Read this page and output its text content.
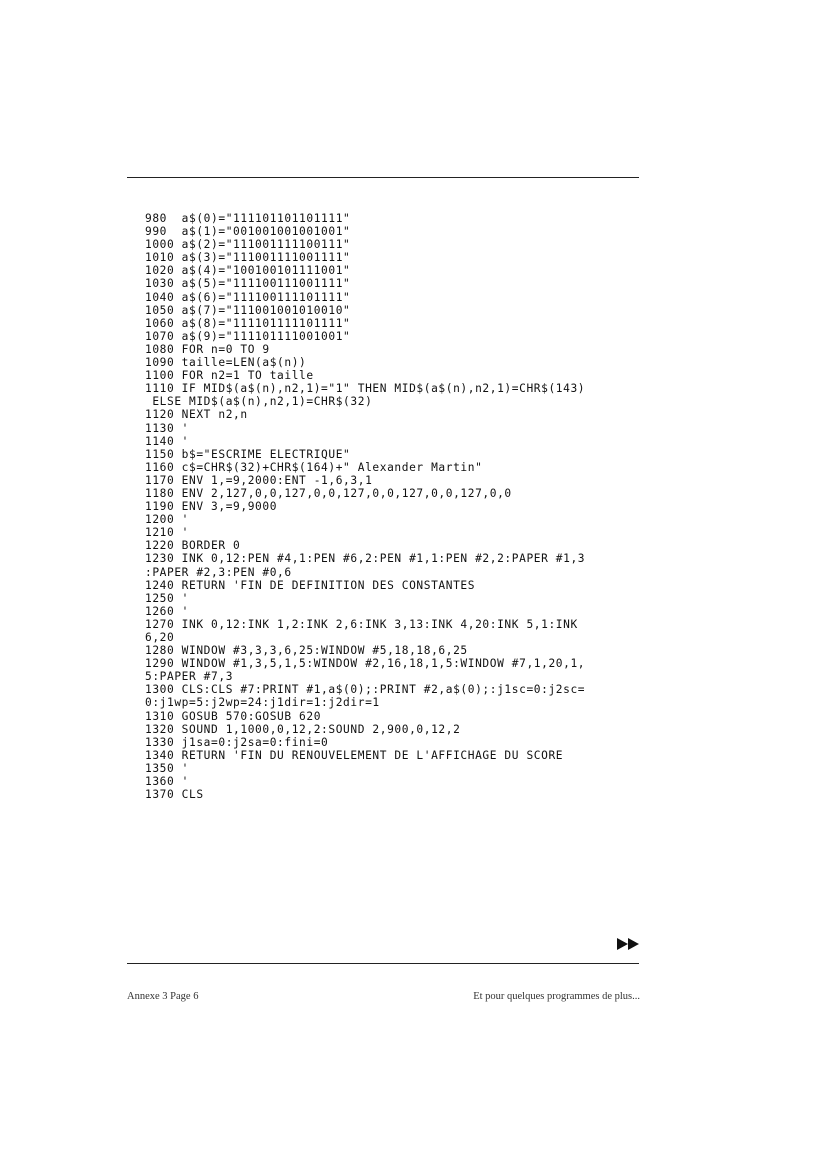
980  a$(0)="111101101101111"
990  a$(1)="001001001001001"
1000 a$(2)="111001111100111"
1010 a$(3)="111001111001111"
1020 a$(4)="100100101111001"
1030 a$(5)="111100111001111"
1040 a$(6)="111100111101111"
1050 a$(7)="111001001010010"
1060 a$(8)="111101111101111"
1070 a$(9)="111101111001001"
1080 FOR n=0 TO 9
1090 taille=LEN(a$(n))
1100 FOR n2=1 TO taille
1110 IF MID$(a$(n),n2,1)="1" THEN MID$(a$(n),n2,1)=CHR$(143)
ELSE MID$(a$(n),n2,1)=CHR$(32)
1120 NEXT n2,n
1130 '
1140 '
1150 b$="ESCRIME ELECTRIQUE"
1160 c$=CHR$(32)+CHR$(164)+" Alexander Martin"
1170 ENV 1,=9,2000:ENT -1,6,3,1
1180 ENV 2,127,0,0,127,0,0,127,0,0,127,0,0,127,0,0
1190 ENV 3,=9,9000
1200 '
1210 '
1220 BORDER 0
1230 INK 0,12:PEN #4,1:PEN #6,2:PEN #1,1:PEN #2,2:PAPER #1,3
:PAPER #2,3:PEN #0,6
1240 RETURN 'FIN DE DEFINITION DES CONSTANTES
1250 '
1260 '
1270 INK 0,12:INK 1,2:INK 2,6:INK 3,13:INK 4,20:INK 5,1:INK
6,20
1280 WINDOW #3,3,3,6,25:WINDOW #5,18,18,6,25
1290 WINDOW #1,3,5,1,5:WINDOW #2,16,18,1,5:WINDOW #7,1,20,1,
5:PAPER #7,3
1300 CLS:CLS #7:PRINT #1,a$(0);:PRINT #2,a$(0);:j1sc=0:j2sc=
0:j1wp=5:j2wp=24:j1dir=1:j2dir=1
1310 GOSUB 570:GOSUB 620
1320 SOUND 1,1000,0,12,2:SOUND 2,900,0,12,2
1330 j1sa=0:j2sa=0:fini=0
1340 RETURN 'FIN DU RENOUVELEMENT DE L'AFFICHAGE DU SCORE
1350 '
1360 '
1370 CLS
Annexe 3 Page 6	Et pour quelques programmes de plus...
